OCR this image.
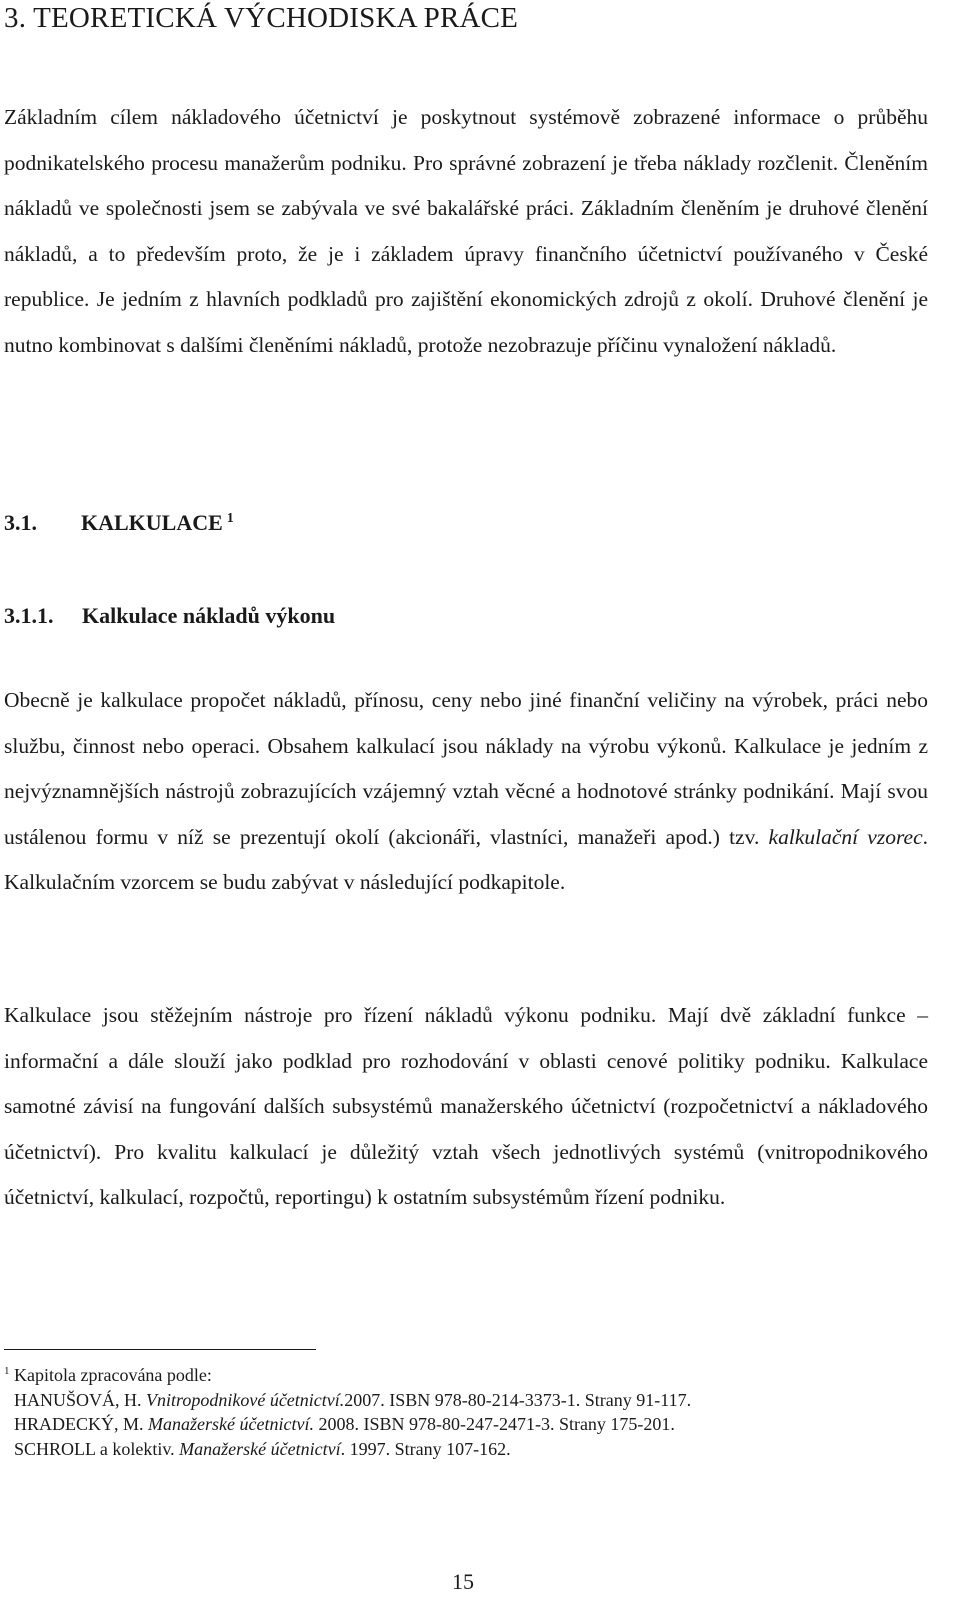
3. TEORETICKÁ VÝCHODISKA PRÁCE

Základním cílem nákladového účetnictví je poskytnout systémově zobrazené informace o průběhu podnikatelského procesu manažerům podniku. Pro správné zobrazení je třeba náklady rozčlenit. Členěním nákladů ve společnosti jsem se zabývala ve své bakalářské práci. Základním členěním je druhové členění nákladů, a to především proto, že je i základem úpravy finančního účetnictví používaného v České republice. Je jedním z hlavních podkladů pro zajištění ekonomických zdrojů z okolí. Druhové členění je nutno kombinovat s dalšími členěními nákladů, protože nezobrazuje příčinu vynaložení nákladů.

3.1. KALKULACE $^1$
3.1.1. Kalkulace nákladů výkonu

Obecně je kalkulace propočet nákladů, přínosu, ceny nebo jiné finanční veličiny na výrobek, práci nebo službu, činnost nebo operaci. Obsahem kalkulací jsou náklady na výrobu výkonů. Kalkulace je jedním z nejvýznamnějších nástrojů zobrazujících vzájemný vztah věcné a hodnotové stránky podnikání. Mají svou ustálenou formu v níž se prezentují okolí (akcionáři, vlastníci, manažeři apod.) tzv. kalkulační vzorec. Kalkulačním vzorcem se budu zabývat v následující podkapitole.

Kalkulace jsou stěžejním nástroje pro řízení nákladů výkonu podniku. Mají dvě základní funkce – informační a dále slouží jako podklad pro rozhodování v oblasti cenové politiky podniku. Kalkulace samotné závisí na fungování dalších subsystémů manažerského účetnictví (rozpočetnictví a nákladového účetnictví). Pro kvalitu kalkulací je důležitý vztah všech jednotlivých systémů (vnitropodnikového účetnictví, kalkulací, rozpočtů, reportingu) k ostatním subsystémům řízení podniku.

$^1$ Kapitola zpracována podle:
HANUŠOVÁ, H. Vnitropodnikové účetnictví.2007. ISBN 978-80-214-3373-1. Strany 91-117.
HRADECKÝ, M. Manažerské účetnictví. 2008. ISBN 978-80-247-2471-3. Strany 175-201.
SCHROLL a kolektiv. Manažerské účetnictví. 1997. Strany 107-162.
15
